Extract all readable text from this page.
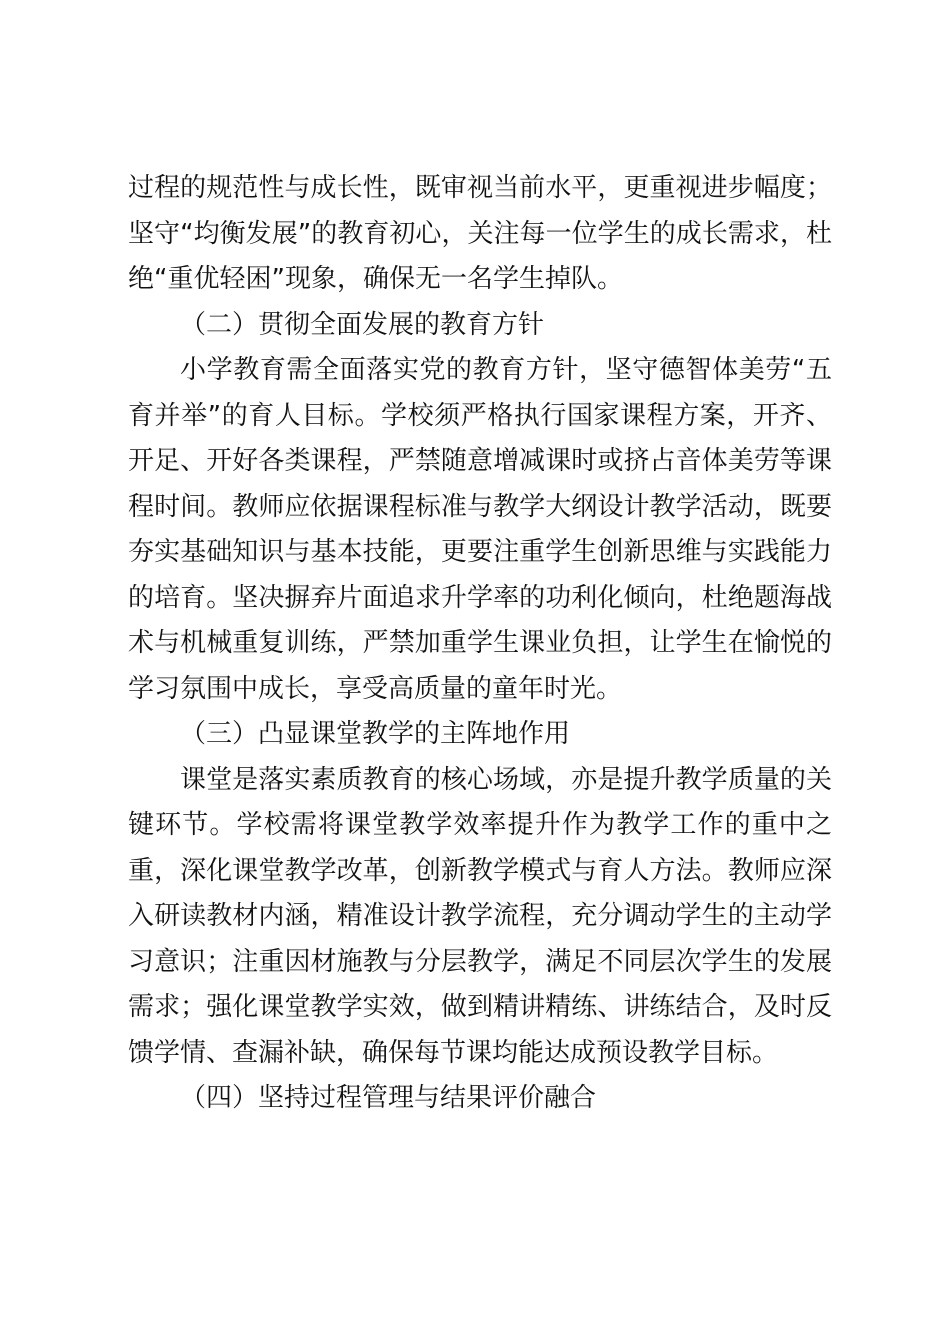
过程的规范性与成长性，既审视当前水平，更重视进步幅度；坚守“均衡发展”的教育初心，关注每一位学生的成长需求，杜绝“重优轻困”现象，确保无一名学生掉队。

（二）贯彻全面发展的教育方针

小学教育需全面落实党的教育方针，坚守德智体美劳“五育并举”的育人目标。学校须严格执行国家课程方案，开齐、开足、开好各类课程，严禁随意增减课时或挤占音体美劳等课程时间。教师应依据课程标准与教学大纲设计教学活动，既要夯实基础知识与基本技能，更要注重学生创新思维与实践能力的培育。坚决摒弃片面追求升学率的功利化倾向，杜绝题海战术与机械重复训练，严禁加重学生课业负担，让学生在愉悦的学习氛围中成长，享受高质量的童年时光。

（三）凸显课堂教学的主阵地作用

课堂是落实素质教育的核心场域，亦是提升教学质量的关键环节。学校需将课堂教学效率提升作为教学工作的重中之重，深化课堂教学改革，创新教学模式与育人方法。教师应深入研读教材内涵，精准设计教学流程，充分调动学生的主动学习意识；注重因材施教与分层教学，满足不同层次学生的发展需求；强化课堂教学实效，做到精讲精练、讲练结合，及时反馈学情、查漏补缺，确保每节课均能达成预设教学目标。

（四）坚持过程管理与结果评价融合
